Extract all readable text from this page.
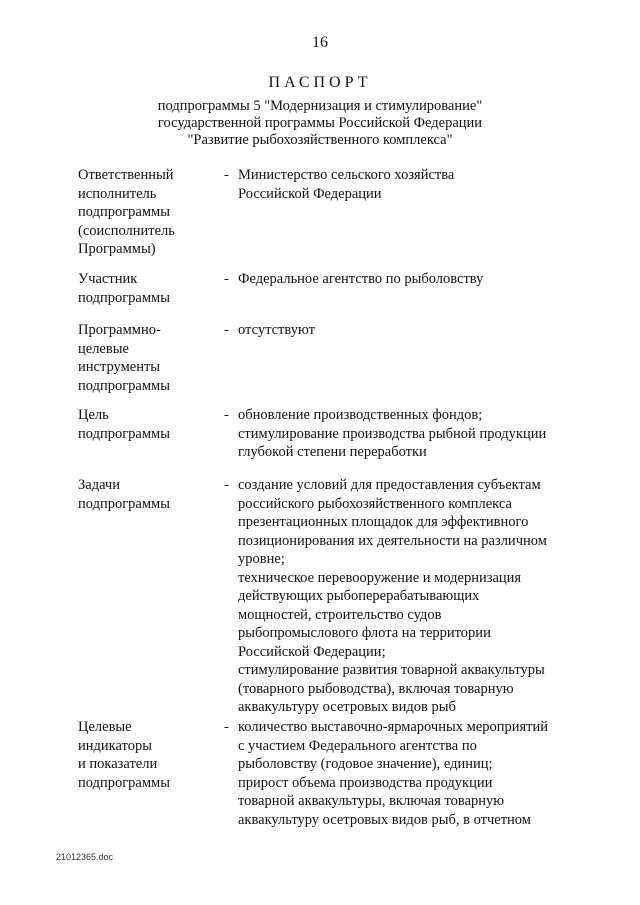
16
ПАСПОРТ
подпрограммы 5 "Модернизация и стимулирование"
государственной программы Российской Федерации
"Развитие рыбохозяйственного комплекса"
Ответственный
исполнитель
подпрограммы
(соисполнитель
Программы)
- Министерство сельского хозяйства
Российской Федерации
Участник
подпрограммы
- Федеральное агентство по рыболовству
Программно-
целевые
инструменты
подпрограммы
- отсутствуют
Цель
подпрограммы
- обновление производственных фондов;
стимулирование производства рыбной продукции
глубокой степени переработки
Задачи
подпрограммы
- создание условий для предоставления субъектам
российского рыбохозяйственного комплекса
презентационных площадок для эффективного
позиционирования их деятельности на различном
уровне;
техническое перевооружение и модернизация
действующих рыбоперерабатывающих
мощностей, строительство судов
рыбопромыслового флота на территории
Российской Федерации;
стимулирование развития товарной аквакультуры
(товарного рыбоводства), включая товарную
аквакультуру осетровых видов рыб
Целевые
индикаторы
и показатели
подпрограммы
- количество выставочно-ярмарочных мероприятий
с участием Федерального агентства по
рыболовству (годовое значение), единиц;
прирост объема производства продукции
товарной аквакультуры, включая товарную
аквакультуру осетровых видов рыб, в отчетном
21012365.doc
